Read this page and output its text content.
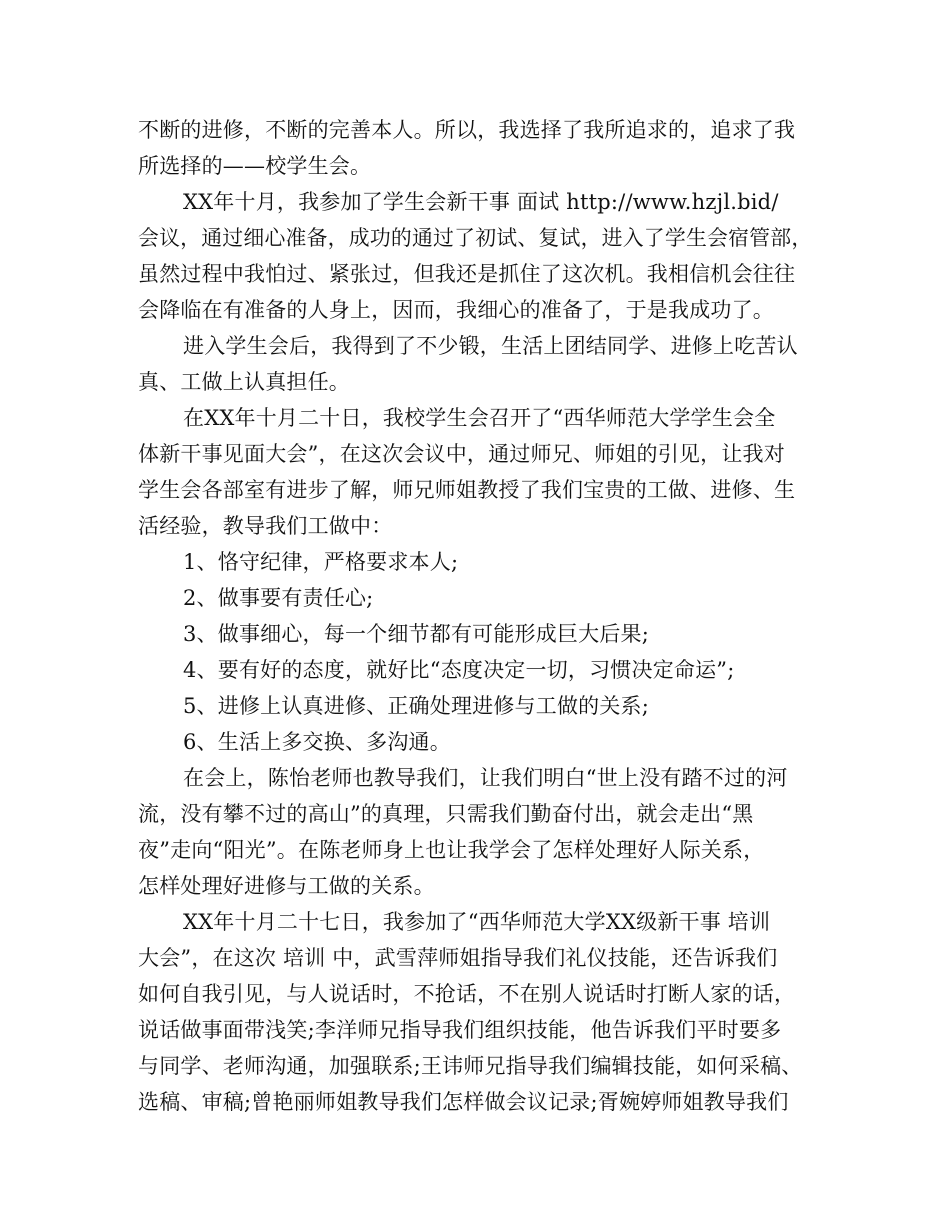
不断的进修，不断的完善本人。所以，我选择了我所追求的，追求了我
所选择的——校学生会。
XX年十月，我参加了学生会新干事 面试 http://www.hzjl.bid/
会议，通过细心准备，成功的通过了初试、复试，进入了学生会宿管部，
虽然过程中我怕过、紧张过，但我还是抓住了这次机。我相信机会往往
会降临在有准备的人身上，因而，我细心的准备了，于是我成功了。
进入学生会后，我得到了不少锻，生活上团结同学、进修上吃苦认
真、工做上认真担任。
在XX年十月二十日，我校学生会召开了“西华师范大学学生会全
体新干事见面大会”，在这次会议中，通过师兄、师姐的引见，让我对
学生会各部室有进步了解，师兄师姐教授了我们宝贵的工做、进修、生
活经验，教导我们工做中：
1、恪守纪律，严格要求本人;
2、做事要有责任心;
3、做事细心，每一个细节都有可能形成巨大后果;
4、要有好的态度，就好比“态度决定一切，习惯决定命运”;
5、进修上认真进修、正确处理进修与工做的关系;
6、生活上多交换、多沟通。
在会上，陈怡老师也教导我们，让我们明白“世上没有踏不过的河
流，没有攀不过的高山”的真理，只需我们勤奋付出，就会走出“黑
夜”走向“阳光”。在陈老师身上也让我学会了怎样处理好人际关系，
怎样处理好进修与工做的关系。
XX年十月二十七日，我参加了“西华师范大学XX级新干事 培训
大会”，在这次 培训 中，武雪萍师姐指导我们礼仪技能，还告诉我们
如何自我引见，与人说话时，不抢话，不在别人说话时打断人家的话，
说话做事面带浅笑;李洋师兄指导我们组织技能，他告诉我们平时要多
与同学、老师沟通，加强联系;王讳师兄指导我们编辑技能，如何采稿、
选稿、审稿;曾艳丽师姐教导我们怎样做会议记录;胥婉婷师姐教导我们
